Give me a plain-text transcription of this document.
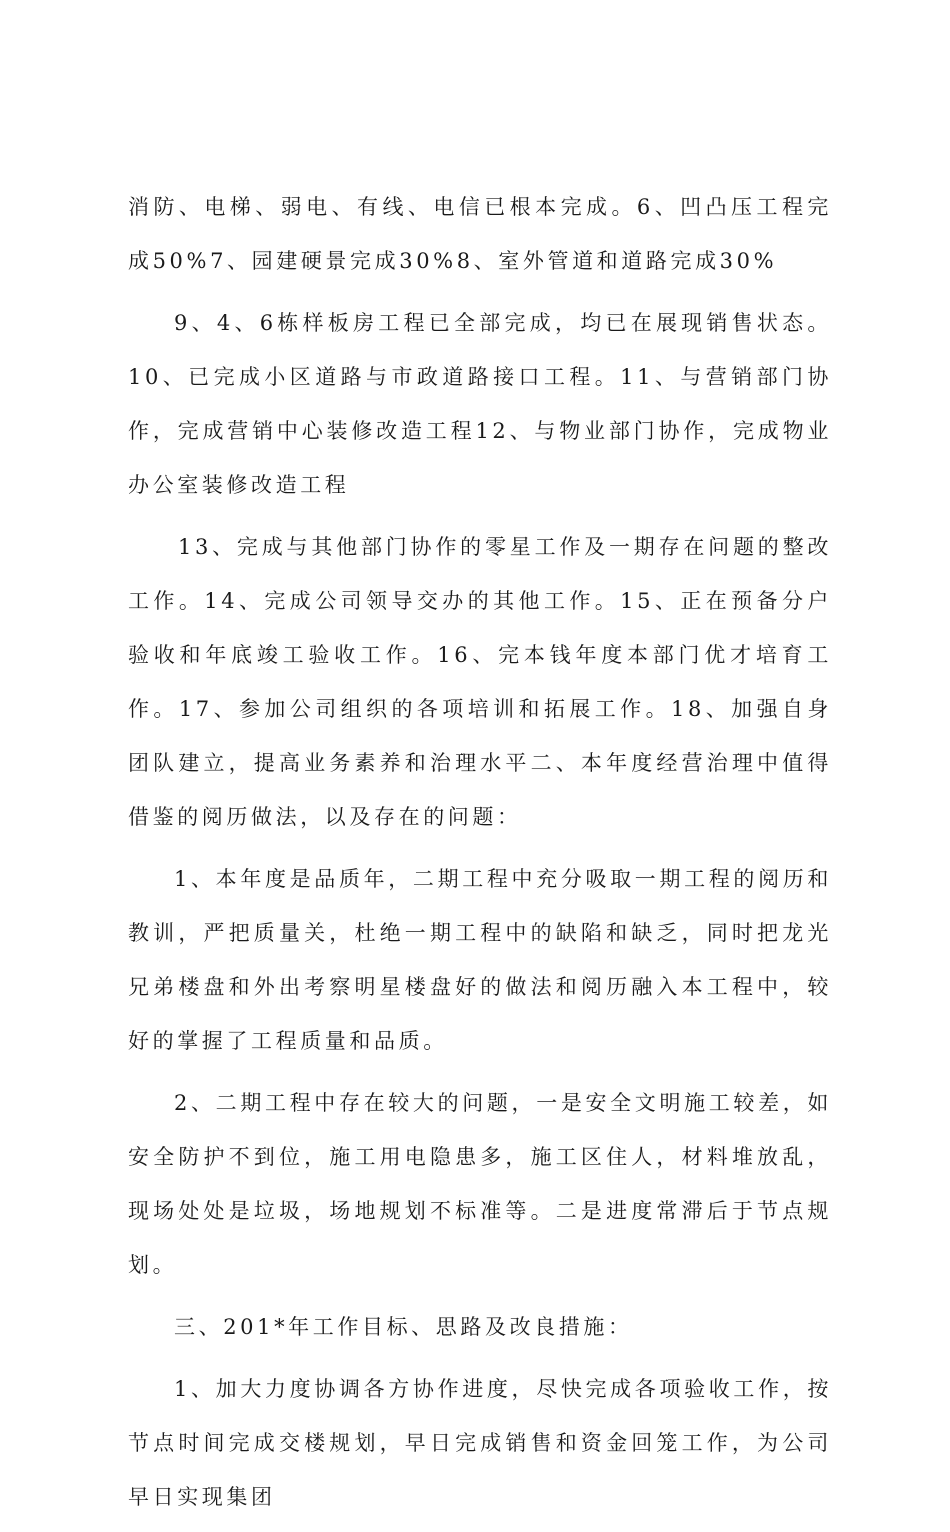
消防、电梯、弱电、有线、电信已根本完成。6、凹凸压工程完成50%7、园建硬景完成30%8、室外管道和道路完成30%

9、4、6栋样板房工程已全部完成，均已在展现销售状态。10、已完成小区道路与市政道路接口工程。11、与营销部门协作，完成营销中心装修改造工程12、与物业部门协作，完成物业办公室装修改造工程

13、完成与其他部门协作的零星工作及一期存在问题的整改工作。14、完成公司领导交办的其他工作。15、正在预备分户验收和年底竣工验收工作。16、完本钱年度本部门优才培育工作。17、参加公司组织的各项培训和拓展工作。18、加强自身团队建立，提高业务素养和治理水平二、本年度经营治理中值得借鉴的阅历做法，以及存在的问题：

1、本年度是品质年，二期工程中充分吸取一期工程的阅历和教训，严把质量关，杜绝一期工程中的缺陷和缺乏，同时把龙光兄弟楼盘和外出考察明星楼盘好的做法和阅历融入本工程中，较好的掌握了工程质量和品质。

2、二期工程中存在较大的问题，一是安全文明施工较差，如安全防护不到位，施工用电隐患多，施工区住人，材料堆放乱，现场处处是垃圾，场地规划不标准等。二是进度常滞后于节点规划。

三、201*年工作目标、思路及改良措施：

1、加大力度协调各方协作进度，尽快完成各项验收工作，按节点时间完成交楼规划，早日完成销售和资金回笼工作，为公司早日实现集团
